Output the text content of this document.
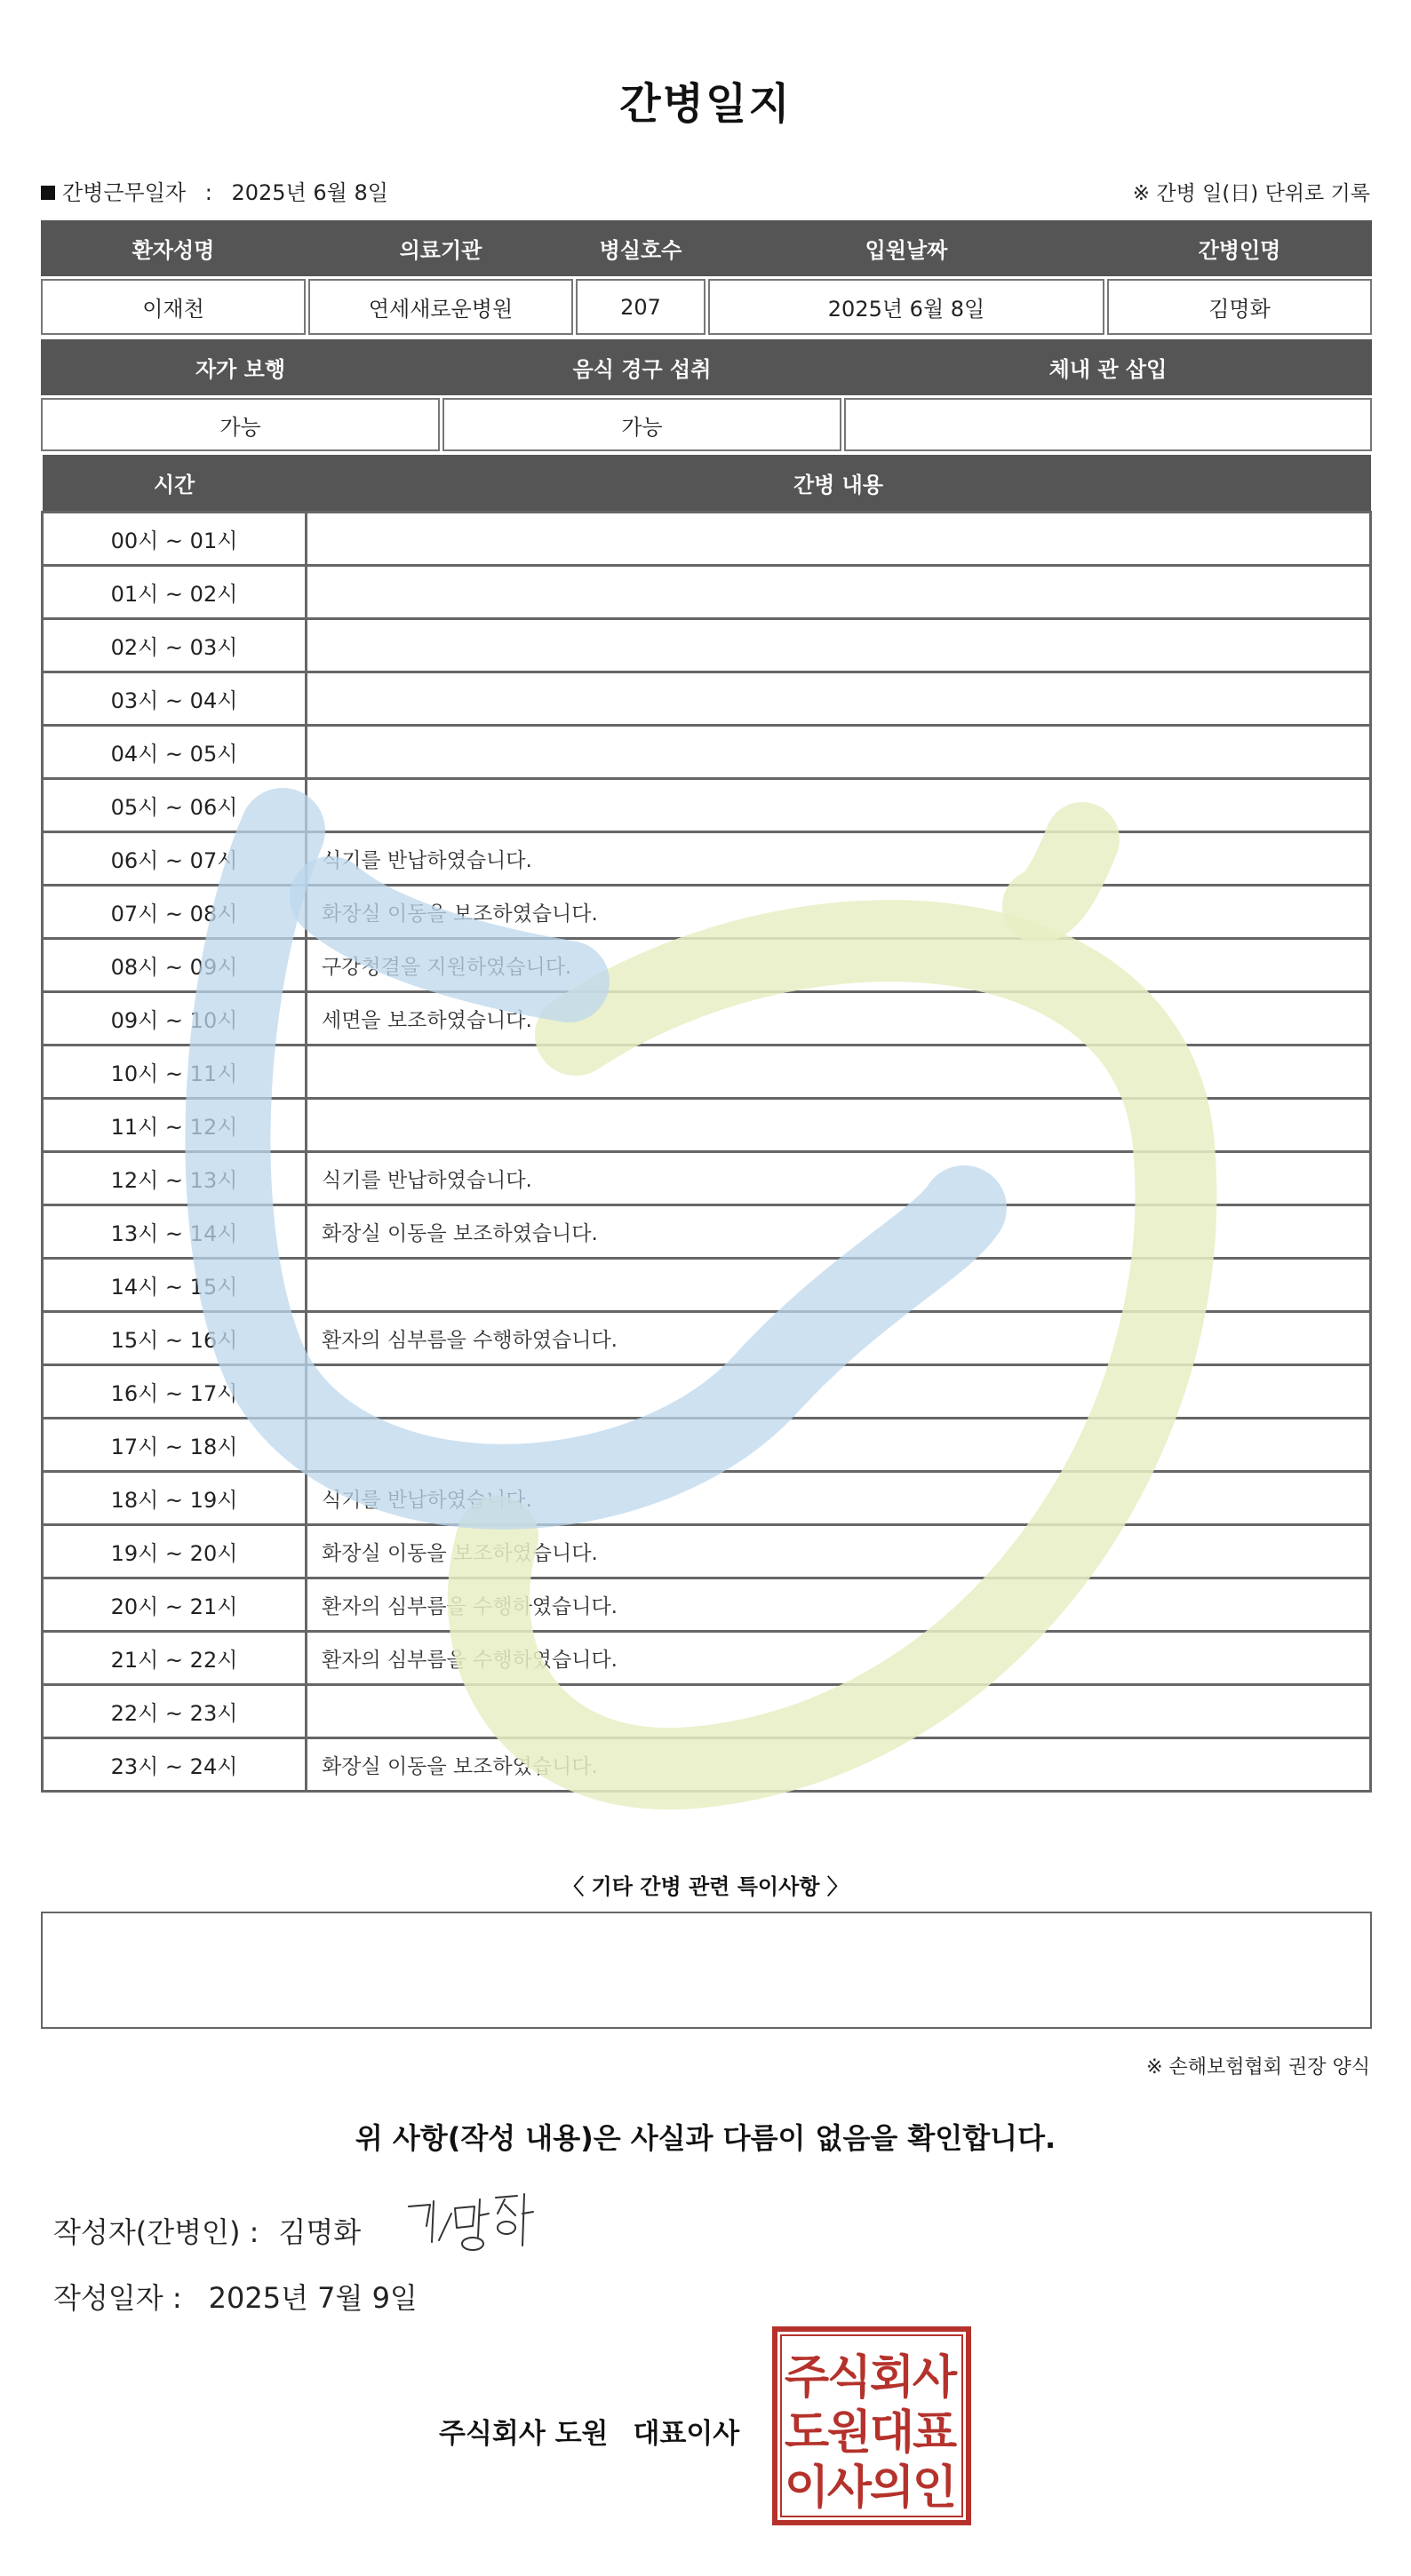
간병일지
간병근무일자 : 2025년 6월 8일	※ 간병 일(日) 단위로 기록
환자성명	의료기관	병실호수	입원날짜	간병인명
이재천	연세새로운병원	207	2025년 6월 8일	김명화
자가 보행	음식 경구 섭취	체내 관 삽입
가능	가능
시간	간병 내용
00시 ~ 01시	
01시 ~ 02시	
02시 ~ 03시	
03시 ~ 04시	
04시 ~ 05시	
05시 ~ 06시	
06시 ~ 07시	식기를 반납하였습니다.
07시 ~ 08시	화장실 이동을 보조하였습니다.
08시 ~ 09시	구강청결을 지원하였습니다.
09시 ~ 10시	세면을 보조하였습니다.
10시 ~ 11시	
11시 ~ 12시	
12시 ~ 13시	식기를 반납하였습니다.
13시 ~ 14시	화장실 이동을 보조하였습니다.
14시 ~ 15시	
15시 ~ 16시	환자의 심부름을 수행하였습니다.
16시 ~ 17시	
17시 ~ 18시	
18시 ~ 19시	식기를 반납하였습니다.
19시 ~ 20시	화장실 이동을 보조하였습니다.
20시 ~ 21시	환자의 심부름을 수행하였습니다.
21시 ~ 22시	환자의 심부름을 수행하였습니다.
22시 ~ 23시	
23시 ~ 24시	화장실 이동을 보조하였습니다.
〈 기타 간병 관련 특이사항 〉
※ 손해보험협회 권장 양식
위 사항(작성 내용)은 사실과 다름이 없음을 확인합니다.
작성자(간병인) : 김명화
작성일자 : 2025년 7월 9일
주식회사 도원 대표이사
주
식
회
사
도
원
대
표
이
사
의
인
